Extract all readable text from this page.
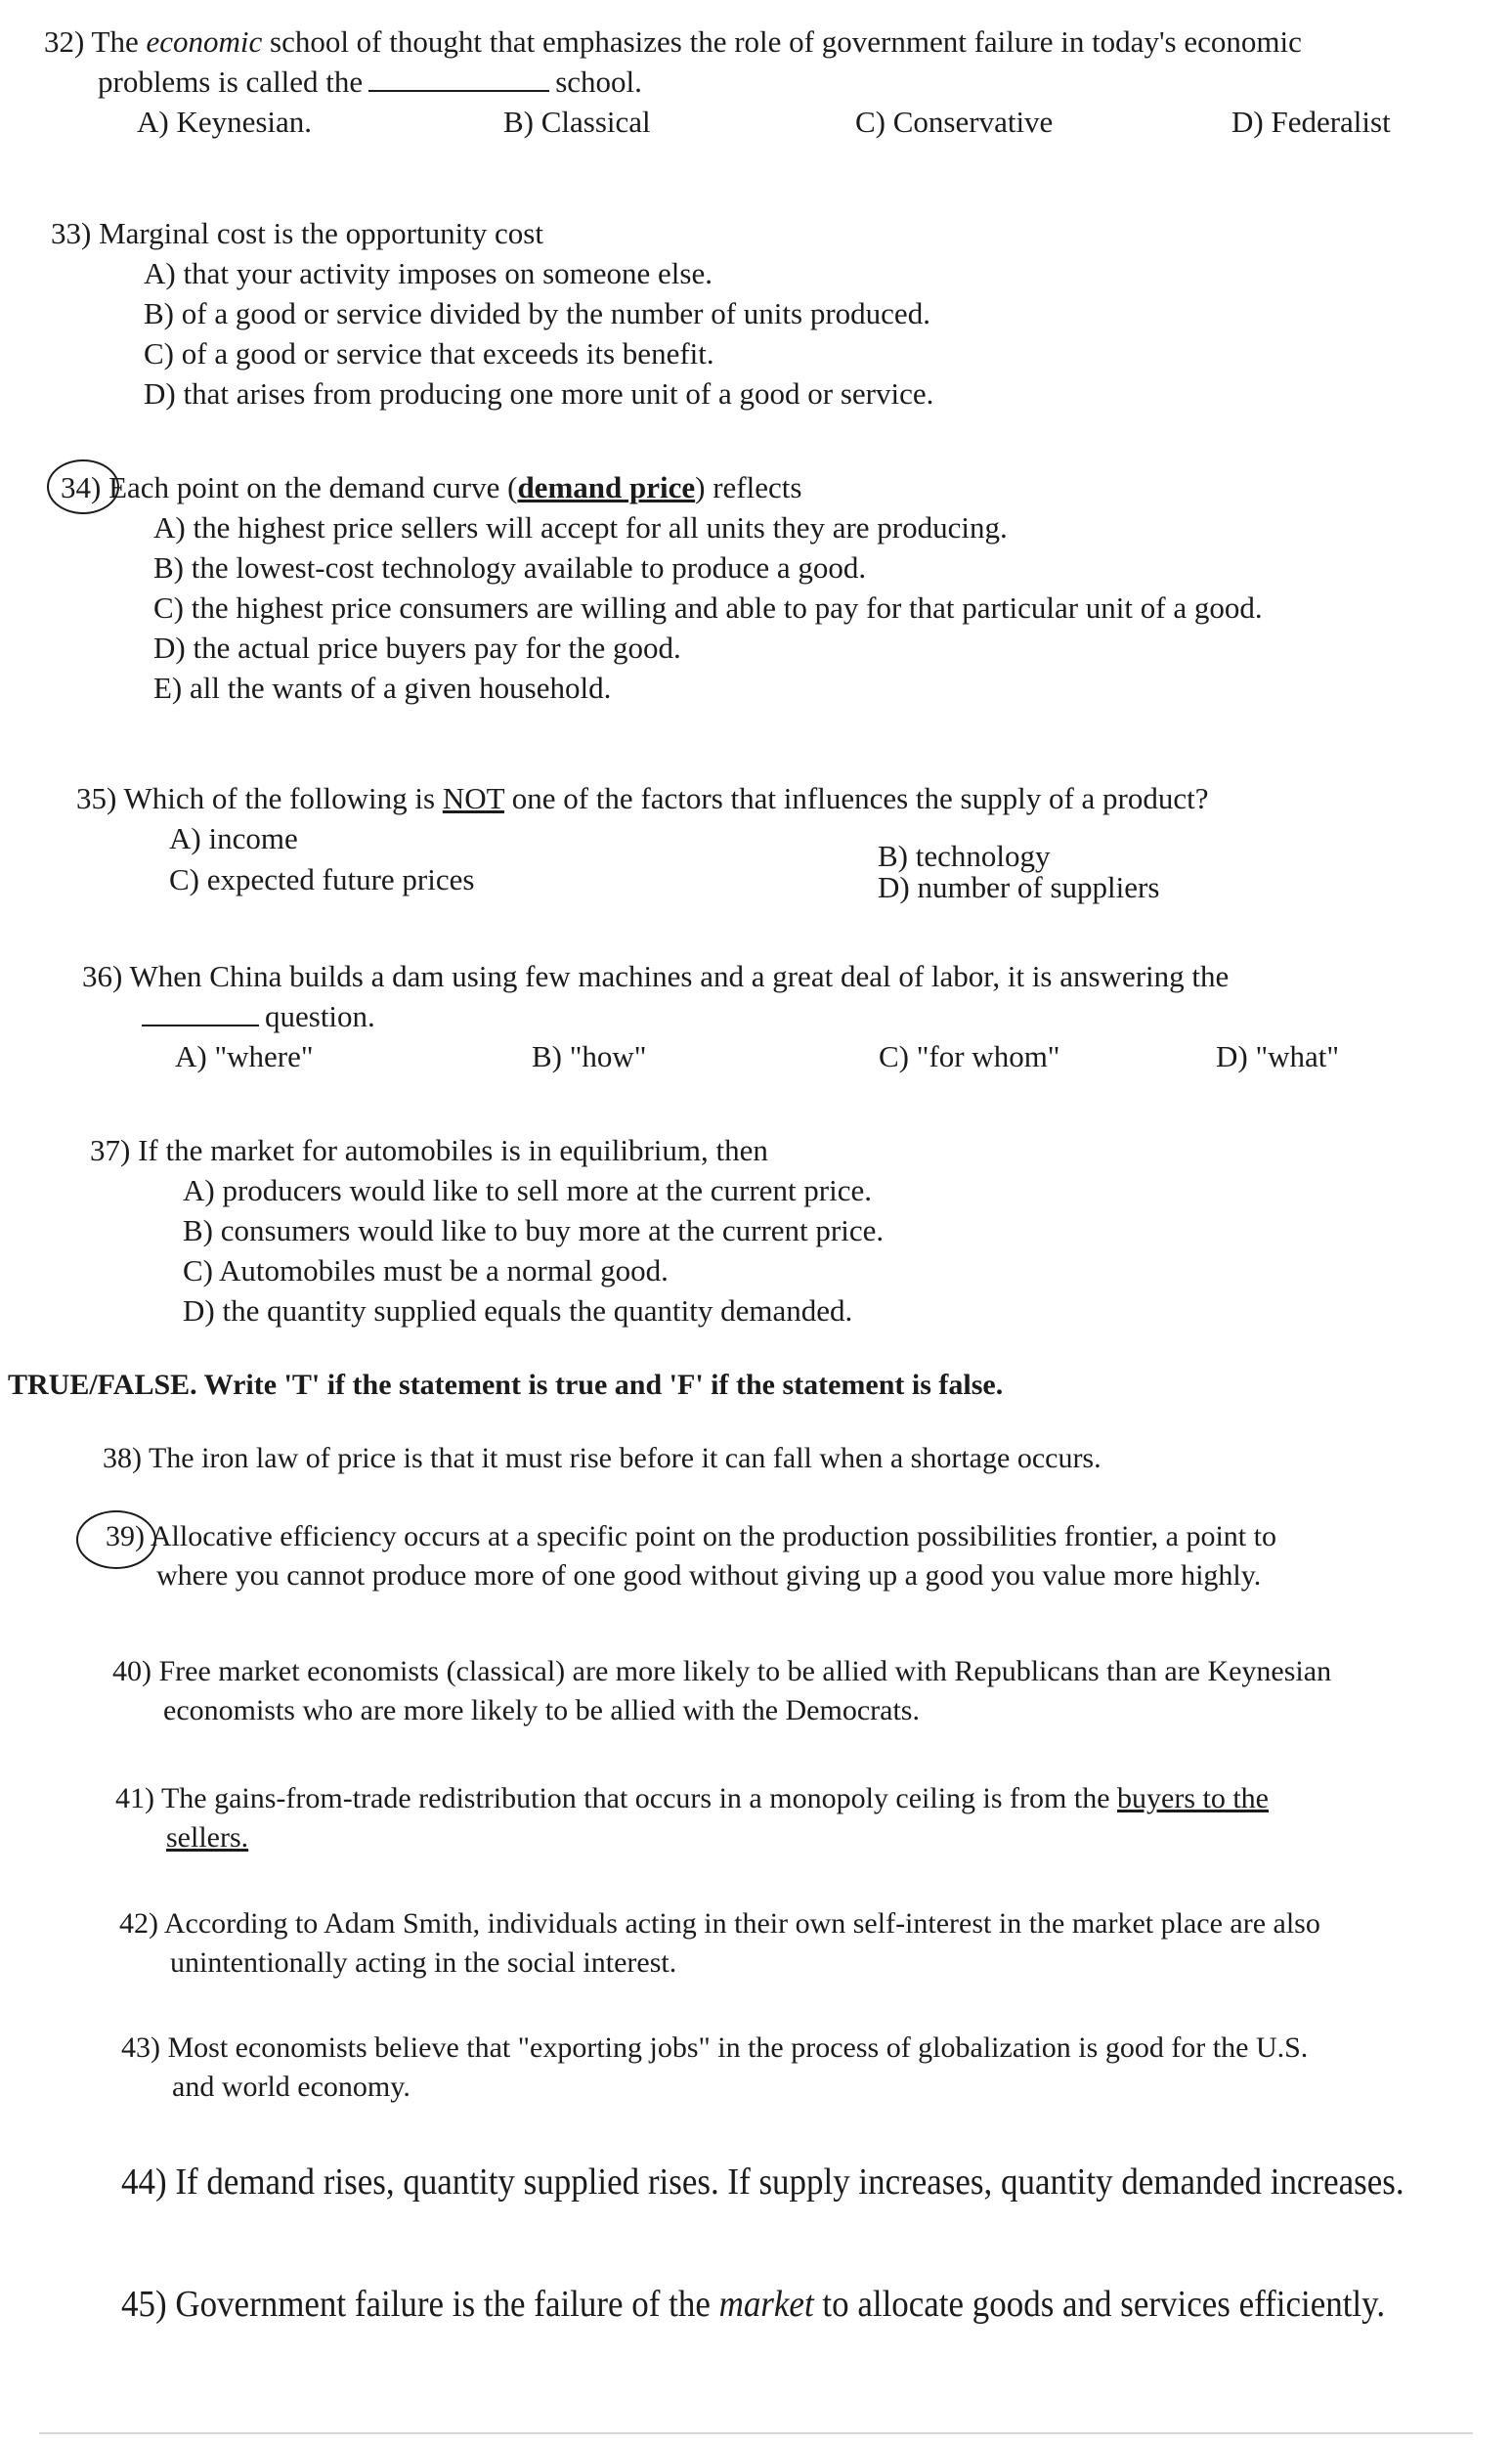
32) The economic school of thought that emphasizes the role of government failure in today's economic
problems is called the	school.
A) Keynesian.	B) Classical	C) Conservative	D) Federalist
33) Marginal cost is the opportunity cost
A) that your activity imposes on someone else.
B) of a good or service divided by the number of units produced.
C) of a good or service that exceeds its benefit.
D) that arises from producing one more unit of a good or service.
34) Each point on the demand curve (demand price) reflects
A) the highest price sellers will accept for all units they are producing.
B) the lowest-cost technology available to produce a good.
C) the highest price consumers are willing and able to pay for that particular unit of a good.
D) the actual price buyers pay for the good.
E) all the wants of a given household.
35) Which of the following is NOT one of the factors that influences the supply of a product?
A) income
B) technology
C) expected future prices	D) number of suppliers
36) When China builds a dam using few machines and a great deal of labor, it is answering the
question.
A) "where"	B) "how"	C) "for whom"	D) "what"
37) If the market for automobiles is in equilibrium, then
A) producers would like to sell more at the current price.
B) consumers would like to buy more at the current price.
C) Automobiles must be a normal good.
D) the quantity supplied equals the quantity demanded.
TRUE/FALSE. Write 'T' if the statement is true and 'F' if the statement is false.
38) The iron law of price is that it must rise before it can fall when a shortage occurs.
39) Allocative efficiency occurs at a specific point on the production possibilities frontier, a point to
where you cannot produce more of one good without giving up a good you value more highly.
40) Free market economists (classical) are more likely to be allied with Republicans than are Keynesian
economists who are more likely to be allied with the Democrats.
41) The gains-from-trade redistribution that occurs in a monopoly ceiling is from the buyers to the
sellers.
42) According to Adam Smith, individuals acting in their own self-interest in the market place are also
unintentionally acting in the social interest.
43) Most economists believe that "exporting jobs" in the process of globalization is good for the U.S.
and world economy.
44) If demand rises, quantity supplied rises. If supply increases, quantity demanded increases.
45) Government failure is the failure of the market to allocate goods and services efficiently.
